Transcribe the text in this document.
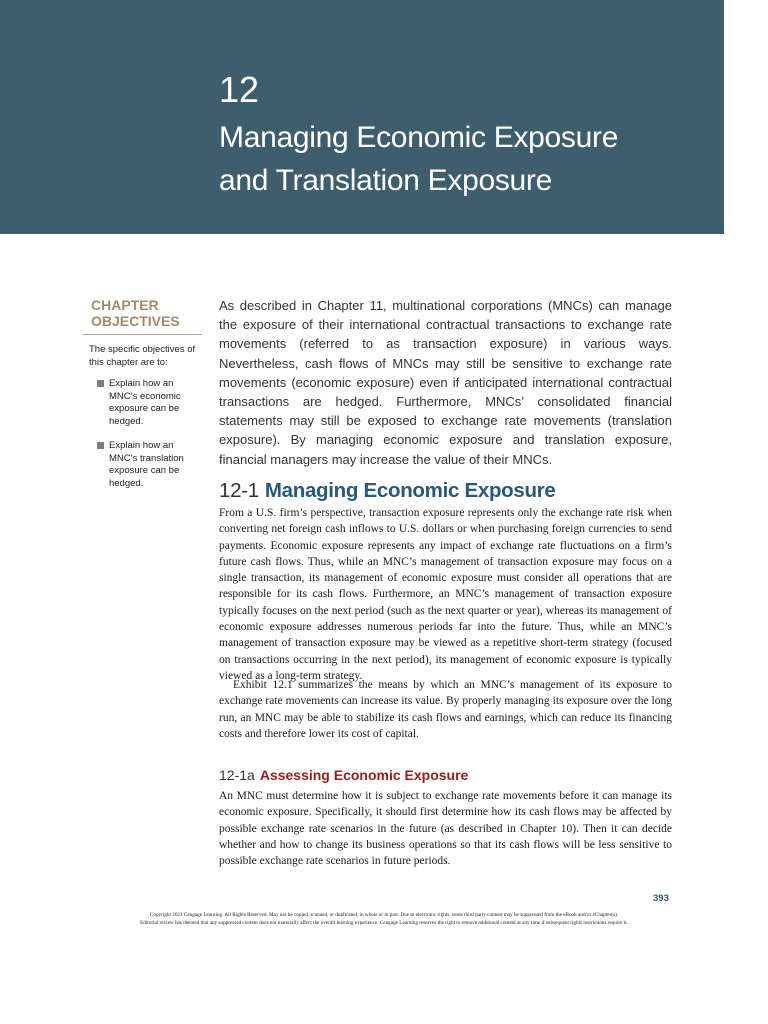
12
Managing Economic Exposure
and Translation Exposure
CHAPTER
OBJECTIVES
The specific objectives of this chapter are to:
Explain how an MNC’s economic exposure can be hedged.
Explain how an MNC’s translation exposure can be hedged.

As described in Chapter 11, multinational corporations (MNCs) can manage the exposure of their international contractual transactions to exchange rate movements (referred to as transaction exposure) in various ways. Nevertheless, cash flows of MNCs may still be sensitive to exchange rate movements (economic exposure) even if anticipated international contractual transactions are hedged. Furthermore, MNCs’ consolidated financial statements may still be exposed to exchange rate movements (translation exposure). By managing economic exposure and translation exposure, financial managers may increase the value of their MNCs.

12-1 Managing Economic Exposure

From a U.S. firm’s perspective, transaction exposure represents only the exchange rate risk when converting net foreign cash inflows to U.S. dollars or when purchasing foreign currencies to send payments. Economic exposure represents any impact of exchange rate fluctuations on a firm’s future cash flows. Thus, while an MNC’s management of transaction exposure may focus on a single transaction, its management of economic exposure must consider all operations that are responsible for its cash flows. Furthermore, an MNC’s management of transaction exposure typically focuses on the next period (such as the next quarter or year), whereas its management of economic exposure addresses numerous periods far into the future. Thus, while an MNC’s management of transaction exposure may be viewed as a repetitive short-term strategy (focused on transactions occurring in the next period), its management of economic exposure is typically viewed as a long-term strategy.

Exhibit 12.1 summarizes the means by which an MNC’s management of its exposure to exchange rate movements can increase its value. By properly managing its exposure over the long run, an MNC may be able to stabilize its cash flows and earnings, which can reduce its financing costs and therefore lower its cost of capital.

12-1a Assessing Economic Exposure

An MNC must determine how it is subject to exchange rate movements before it can manage its economic exposure. Specifically, it should first determine how its cash flows may be affected by possible exchange rate scenarios in the future (as described in Chapter 10). Then it can decide whether and how to change its business operations so that its cash flows will be less sensitive to possible exchange rate scenarios in future periods.

393

Copyright 2021 Cengage Learning. All Rights Reserved. May not be copied, scanned, or duplicated, in whole or in part. Due to electronic rights, some third party content may be suppressed from the eBook and/or eChapter(s).
Editorial review has deemed that any suppressed content does not materially affect the overall learning experience. Cengage Learning reserves the right to remove additional content at any time if subsequent rights restrictions require it.
